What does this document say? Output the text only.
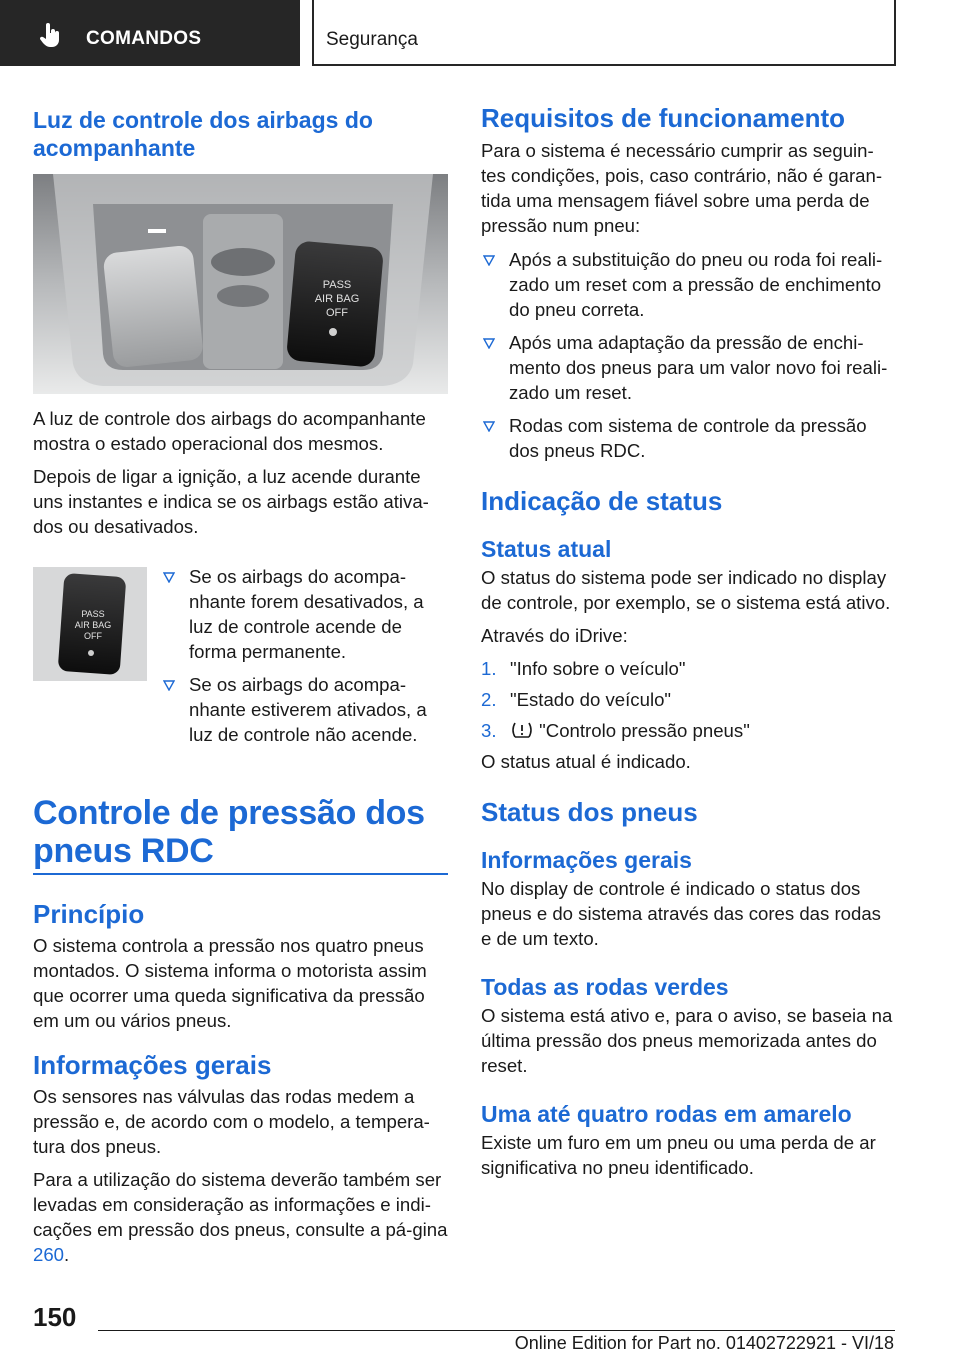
COMANDOS	Segurança
Luz de controle dos airbags do acompanhante
PASS
AIR BAG
OFF

A luz de controle dos airbags do acompanhante mostra o estado operacional dos mesmos.

Depois de ligar a ignição, a luz acende durante uns instantes e indica se os airbags estão ativa‐dos ou desativados.

PASS
AIR BAG
OFF
Se os airbags do acompa‐nhante forem desativados, a luz de controle acende de forma permanente.
Se os airbags do acompa‐nhante estiverem ativados, a luz de controle não acende.
Controle de pressão dos
pneus RDC
Princípio

O sistema controla a pressão nos quatro pneus montados. O sistema informa o motorista assim que ocorrer uma queda significativa da pressão em um ou vários pneus.

Informações gerais

Os sensores nas válvulas das rodas medem a pressão e, de acordo com o modelo, a tempera‐tura dos pneus.

Para a utilização do sistema deverão também ser levadas em consideração as informações e indi‐cações em pressão dos pneus, consulte a pá‐gina 260.

Requisitos de funcionamento

Para o sistema é necessário cumprir as seguin‐tes condições, pois, caso contrário, não é garan‐tida uma mensagem fiável sobre uma perda de pressão num pneu:

Após a substituição do pneu ou roda foi reali‐zado um reset com a pressão de enchimento do pneu correta.
Após uma adaptação da pressão de enchi‐mento dos pneus para um valor novo foi reali‐zado um reset.
Rodas com sistema de controle da pressão dos pneus RDC.
Indicação de status
Status atual

O status do sistema pode ser indicado no display de controle, por exemplo, se o sistema está ativo.

Através do iDrive:

1. "Info sobre o veículo"
2. "Estado do veículo"
3. "Controlo pressão pneus"

O status atual é indicado.

Status dos pneus
Informações gerais

No display de controle é indicado o status dos pneus e do sistema através das cores das rodas e de um texto.

Todas as rodas verdes

O sistema está ativo e, para o aviso, se baseia na última pressão dos pneus memorizada antes do reset.

Uma até quatro rodas em amarelo

Existe um furo em um pneu ou uma perda de ar significativa no pneu identificado.

150
Online Edition for Part no. 01402722921 - VI/18
